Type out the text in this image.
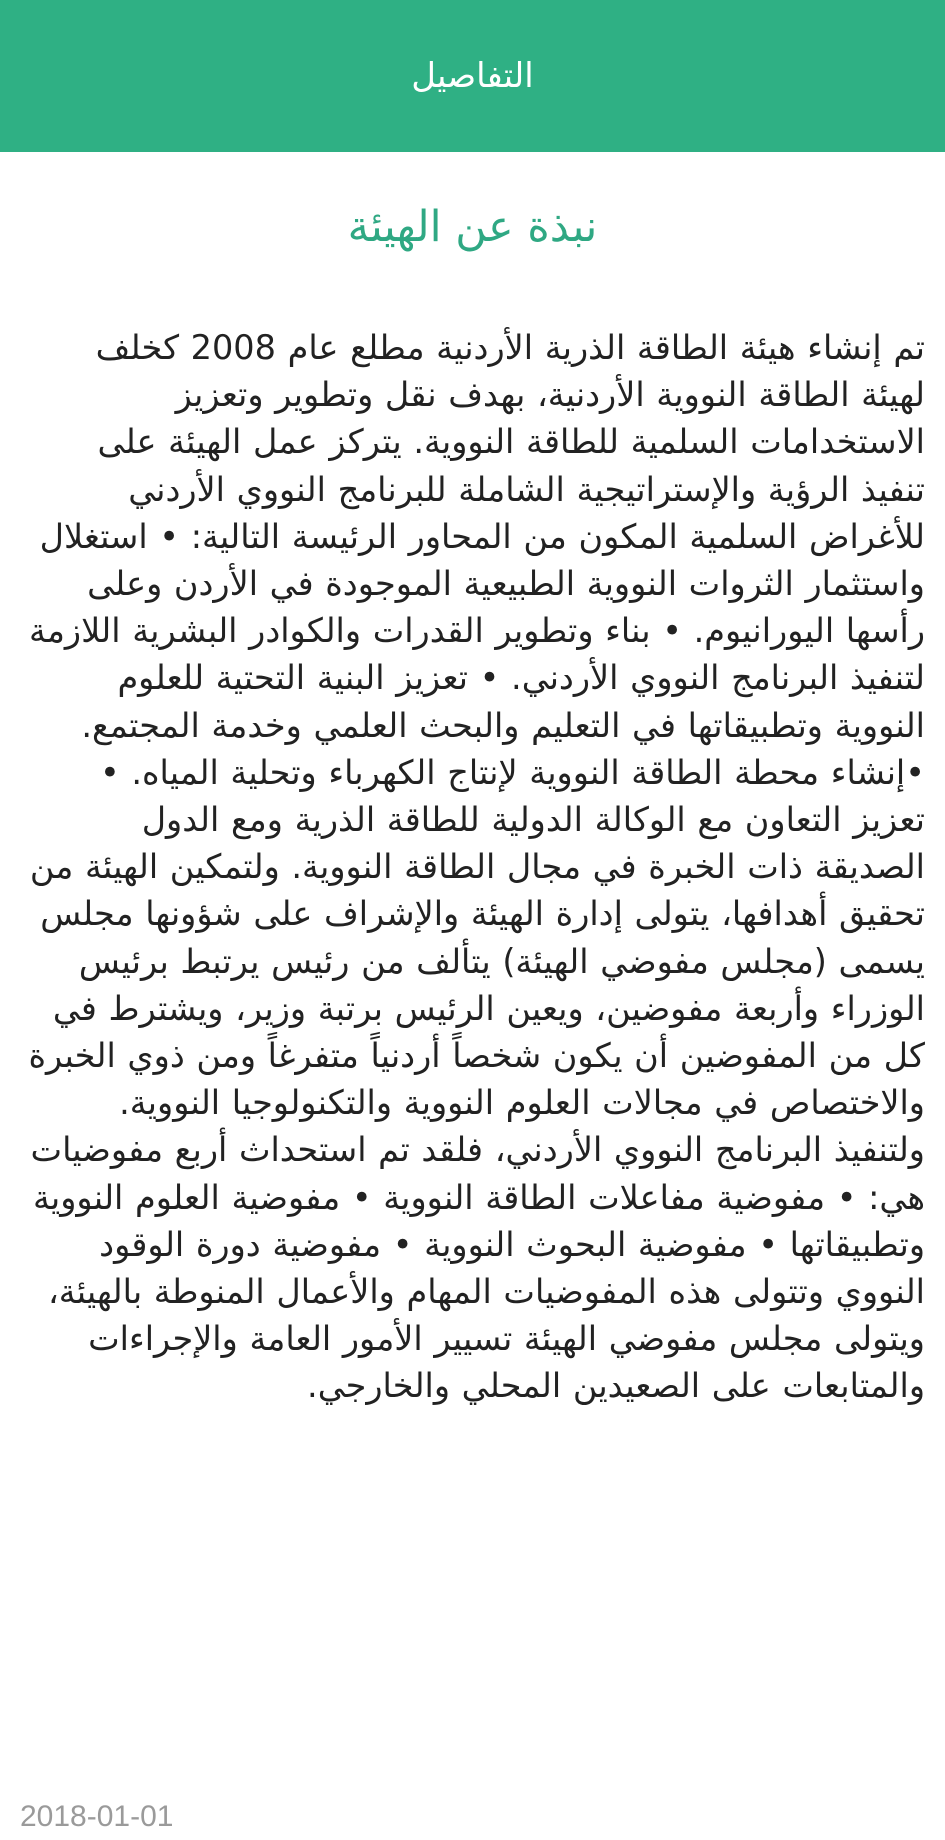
التفاصيل
نبذة عن الهيئة

تم إنشاء هيئة الطاقة الذرية الأردنية مطلع عام 2008 كخلف لهيئة الطاقة النووية الأردنية، بهدف نقل وتطوير وتعزيز الاستخدامات السلمية للطاقة النووية. يتركز عمل الهيئة على تنفيذ الرؤية والإستراتيجية الشاملة للبرنامج النووي الأردني للأغراض السلمية المكون من المحاور الرئيسة التالية: • استغلال واستثمار الثروات النووية الطبيعية الموجودة في الأردن وعلى رأسها اليورانيوم. • بناء وتطوير القدرات والكوادر البشرية اللازمة لتنفيذ البرنامج النووي الأردني. • تعزيز البنية التحتية للعلوم النووية وتطبيقاتها في التعليم والبحث العلمي وخدمة المجتمع. •إنشاء محطة الطاقة النووية لإنتاج الكهرباء وتحلية المياه. • تعزيز التعاون مع الوكالة الدولية للطاقة الذرية ومع الدول الصديقة ذات الخبرة في مجال الطاقة النووية. ولتمكين الهيئة من تحقيق أهدافها، يتولى إدارة الهيئة والإشراف على شؤونها مجلس يسمى (مجلس مفوضي الهيئة) يتألف من رئيس يرتبط برئيس الوزراء وأربعة مفوضين، ويعين الرئيس برتبة وزير، ويشترط في كل من المفوضين أن يكون شخصاً أردنياً متفرغاً ومن ذوي الخبرة والاختصاص في مجالات العلوم النووية والتكنولوجيا النووية. ولتنفيذ البرنامج النووي الأردني، فلقد تم استحداث أربع مفوضيات هي: • مفوضية مفاعلات الطاقة النووية • مفوضية العلوم النووية وتطبيقاتها • مفوضية البحوث النووية • مفوضية دورة الوقود النووي وتتولى هذه المفوضيات المهام والأعمال المنوطة بالهيئة، ويتولى مجلس مفوضي الهيئة تسيير الأمور العامة والإجراءات والمتابعات على الصعيدين المحلي والخارجي.

2018-01-01
